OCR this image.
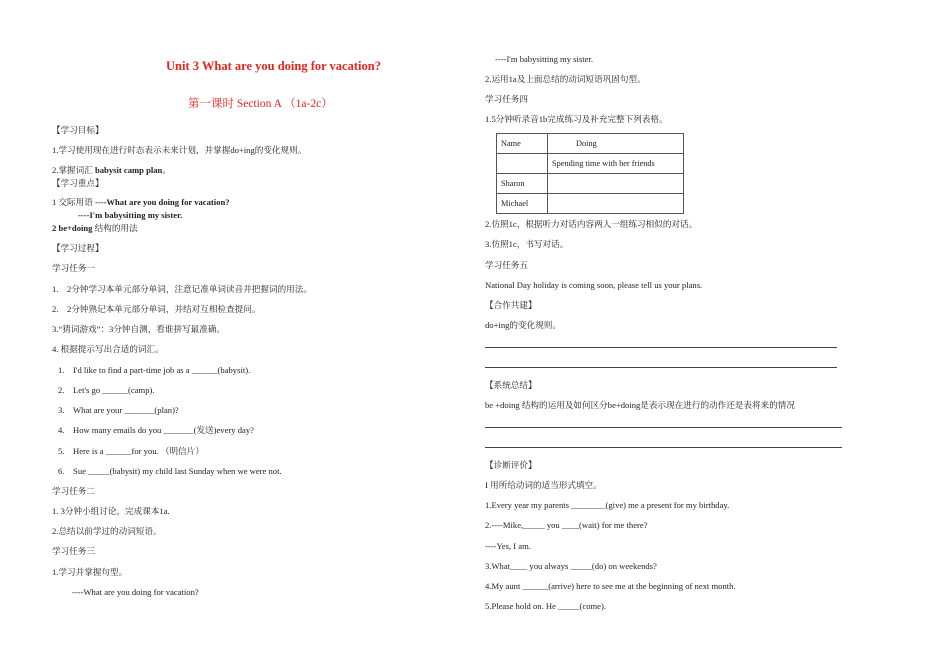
Unit 3 What are you doing for vacation?
第一课时 Section A （1a-2c）
【学习目标】
1.学习使用现在进行时态表示未来计划，并掌握do+ing的变化规则。
2.掌握词汇 babysit camp plan。
【学习重点】
1 交际用语 ----What are you doing for vacation?
----I'm babysitting my sister.
2 be+doing 结构的用法
【学习过程】
学习任务一
1.　2分钟学习本单元部分单词，注意记准单词读音并把握词的用法。
2.　2分钟熟记本单元部分单词，并结对互相检查提问。
3.“猜词游戏”：3分钟自测，看谁拼写最准确。
4. 根据提示写出合适的词汇。
1.　I'd like to find a part-time job as a ______(babysit).
2.　Let's go ______(camp).
3.　What are your _______(plan)?
4.　How many emails do you _______(发送)every day?
5.　Here is a ______for you. （明信片）
6.　Sue _____(babysit) my child last Sunday when we were not.
学习任务二
1. 3分钟小组讨论，完成课本1a.
2.总结以前学过的动词短语。
学习任务三
1.学习并掌握句型。
----What are you doing for vacation?
----I'm babysitting my sister.
2.运用1a及上面总结的动词短语巩固句型。
学习任务四
1.5分钟听录音1b完成练习及补充完整下列表格。
Name	Doing
	Spending time with her friends
Sharon	
Michael	
2.仿照1c，根据听力对话内容两人一组练习相似的对话。
3.仿照1c，书写对话。
学习任务五
National Day holiday is coming soon, please tell us your plans.
【合作共建】
do+ing的变化规则。
【系统总结】
be +doing 结构的运用及如何区分be+doing是表示现在进行的动作还是表将来的情况
【诊断评价】
I 用所给动词的适当形式填空。
1.Every year my parents ________(give) me a present for my birthday.
2.----Mike,_____ you ____(wait) for me there?
----Yes, I am.
3.What____ you always _____(do) on weekends?
4.My aunt ______(arrive) here to see me at the beginning of next month.
5.Please hold on. He _____(come).
